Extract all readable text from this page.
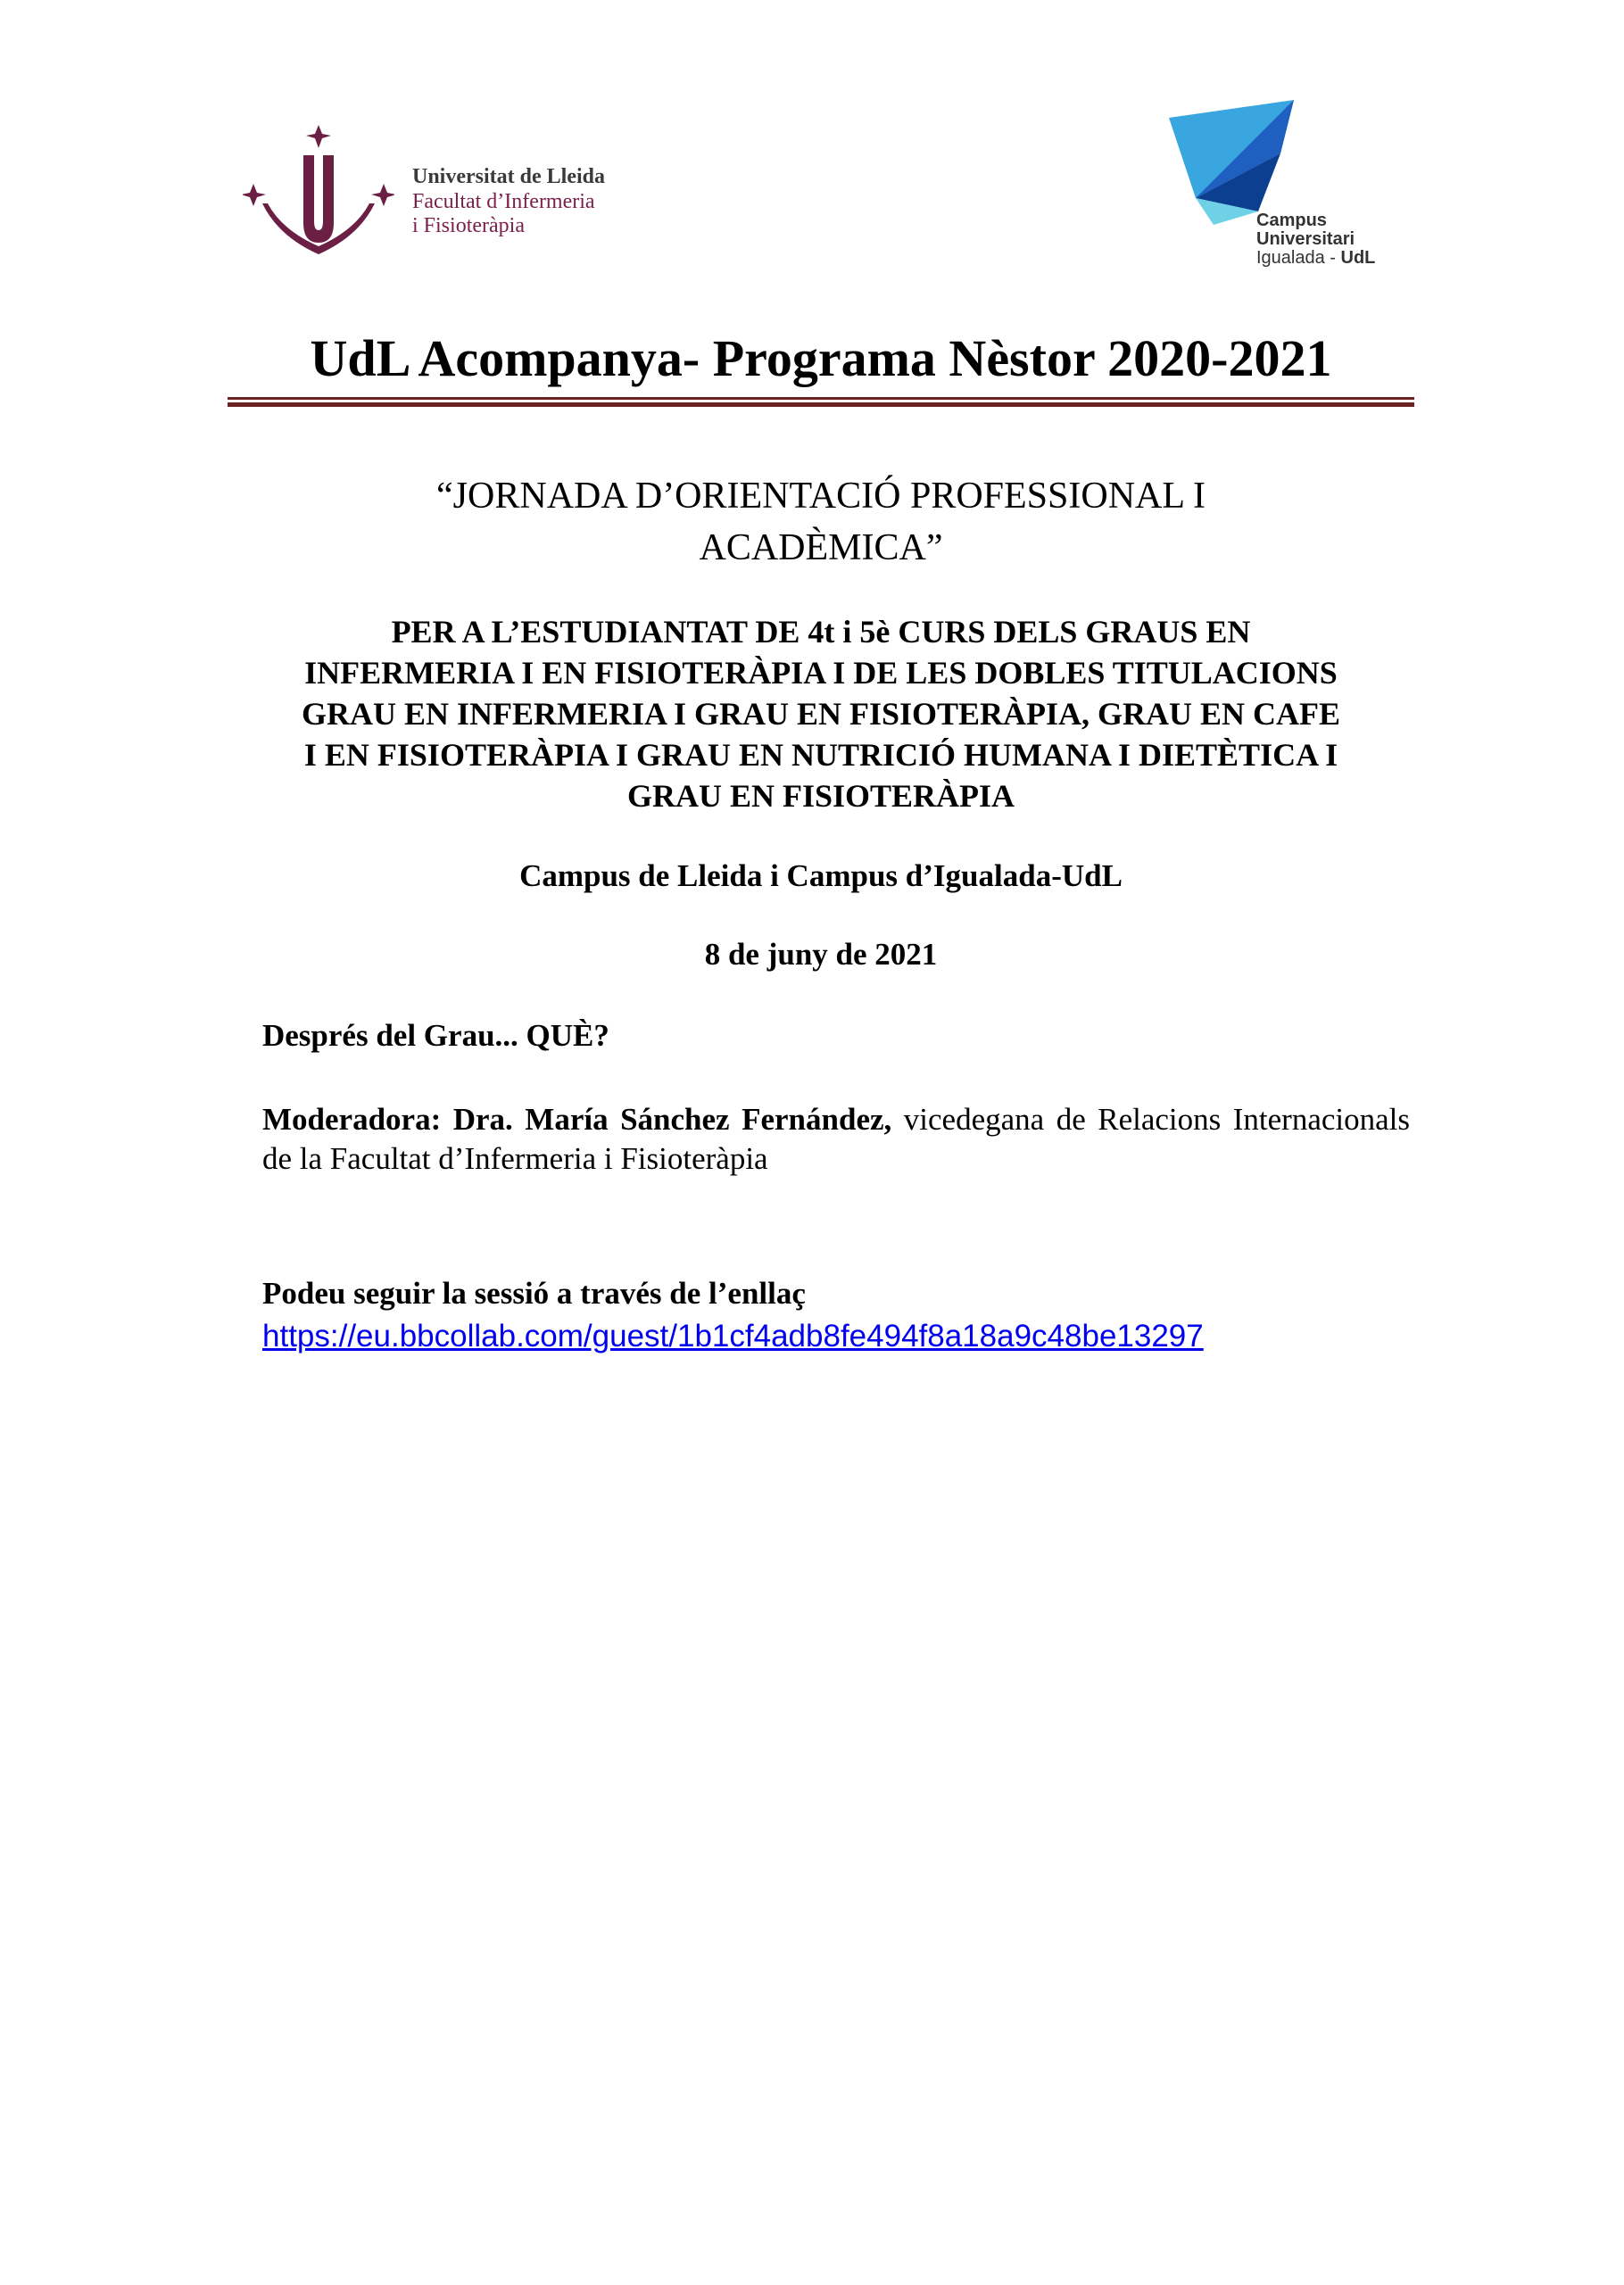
Universitat de Lleida
Facultat d’Infermeria
i Fisioteràpia	Campus
Universitari
Igualada - UdL
UdL Acompanya- Programa Nèstor 2020-2021
“JORNADA D’ORIENTACIÓ PROFESSIONAL I
ACADÈMICA”
PER A L’ESTUDIANTAT DE 4t i 5è CURS DELS GRAUS EN
INFERMERIA I EN FISIOTERÀPIA I DE LES DOBLES TITULACIONS
GRAU EN INFERMERIA I GRAU EN FISIOTERÀPIA, GRAU EN CAFE
I EN FISIOTERÀPIA I GRAU EN NUTRICIÓ HUMANA I DIETÈTICA I
GRAU EN FISIOTERÀPIA
Campus de Lleida i Campus d’Igualada-UdL
8 de juny de 2021
Després del Grau... QUÈ?
Moderadora: Dra. María Sánchez Fernández, vicedegana de Relacions Internacionals de la Facultat d’Infermeria i Fisioteràpia
Podeu seguir la sessió a través de l’enllaç
https://eu.bbcollab.com/guest/1b1cf4adb8fe494f8a18a9c48be13297
